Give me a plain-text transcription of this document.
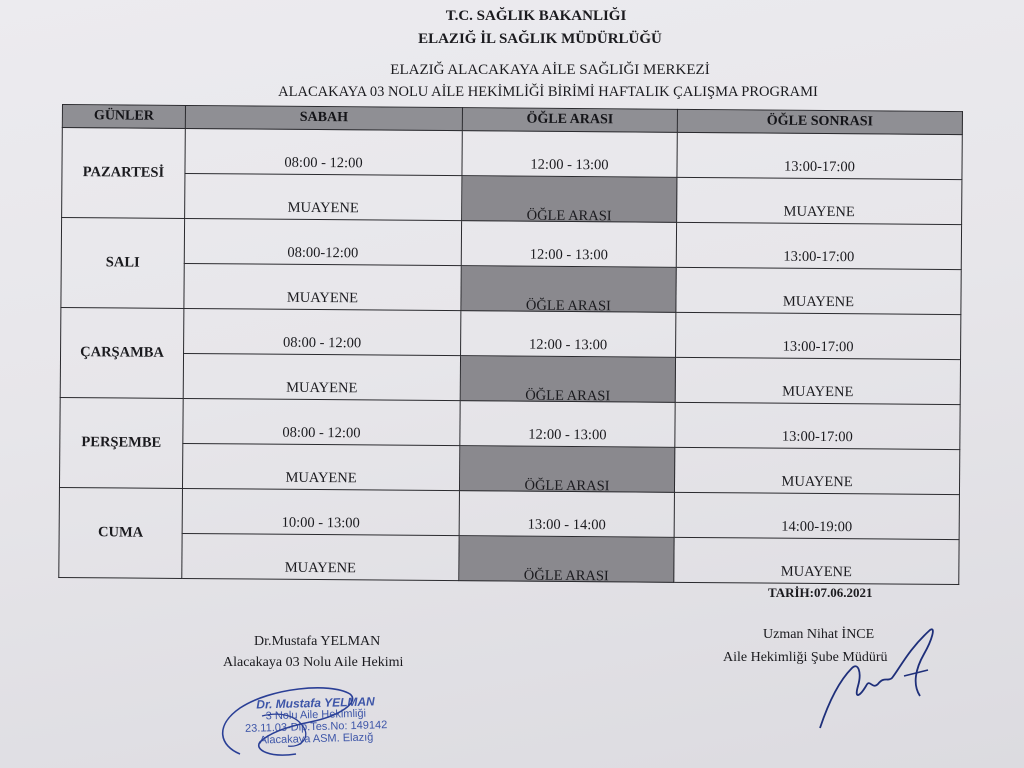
T.C. SAĞLIK BAKANLIĞI
ELAZIĞ İL SAĞLIK MÜDÜRLÜĞÜ
ELAZIĞ ALACAKAYA AİLE SAĞLIĞI MERKEZİ
ALACAKAYA 03 NOLU AİLE HEKİMLİĞİ BİRİMİ HAFTALIK ÇALIŞMA PROGRAMI
GÜNLER	SABAH	ÖĞLE ARASI	ÖĞLE SONRASI
PAZARTESİ	08:00 - 12:00	12:00 - 13:00	13:00-17:00
	MUAYENE	ÖĞLE ARASI	MUAYENE
SALI	08:00-12:00	12:00 - 13:00	13:00-17:00
	MUAYENE	ÖĞLE ARASI	MUAYENE
ÇARŞAMBA	08:00 - 12:00	12:00 - 13:00	13:00-17:00
	MUAYENE	ÖĞLE ARASI	MUAYENE
PERŞEMBE	08:00 - 12:00	12:00 - 13:00	13:00-17:00
	MUAYENE	ÖĞLE ARASI	MUAYENE
CUMA	10:00 - 13:00	13:00 - 14:00	14:00-19:00
	MUAYENE	ÖĞLE ARASI	MUAYENE
TARİH:07.06.2021
Dr.Mustafa YELMAN
Alacakaya 03 Nolu Aile Hekimi
Uzman Nihat İNCE
Aile Hekimliği Şube Müdürü
Dr. Mustafa YELMAN
3 Nolu Aile Hekimliği
23.11.03-Dip.Tes.No: 149142
Alacakaya ASM. Elazığ
